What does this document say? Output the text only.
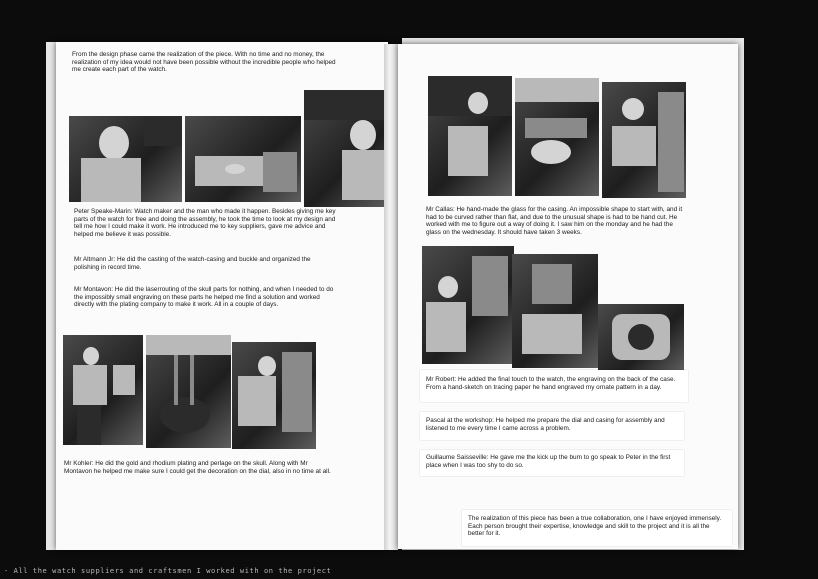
From the design phase came the realization of the piece. With no time and no money, the realization of my idea would not have been possible without the incredible people who helped me create each part of the watch.

Peter Speake-Marin: Watch maker and the man who made it happen. Besides giving me key parts of the watch for free and doing the assembly, he took the time to look at my design and tell me how I could make it work. He introduced me to key suppliers, gave me advice and helped me believe it was possible.

Mr Altmann Jr: He did the casting of the watch-casing and buckle and organized the polishing in record time.

Mr Montavon: He did the laserrouting of the skull parts for nothing, and when I needed to do the impossibly small engraving on these parts he helped me find a solution and worked directly with the plating company to make it work. All in a couple of days.

Mr Kohler: He did the gold and rhodium plating and perlage on the skull. Along with Mr Montavon he helped me make sure I could get the decoration on the dial, also in no time at all.

Mr Callas: He hand-made the glass for the casing. An impossible shape to start with, and it had to be curved rather than flat, and due to the unusual shape is had to be hand cut. He worked with me to figure out a way of doing it. I saw him on the monday and he had the glass on the wednesday. It should have taken 3 weeks.

Mr Robert: He added the final touch to the watch, the engraving on the back of the case. From a hand-sketch on tracing paper he hand engraved my ornate pattern in a day.

Pascal at the workshop: He helped me prepare the dial and casing for assembly and listened to me every time I came across a problem.

Guillaume Saisseville: He gave me the kick up the bum to go speak to Peter in the first place when I was too shy to do so.

The realization of this piece has been a true collaboration, one I have enjoyed immensely. Each person brought their expertise, knowledge and skill to the project and it is all the better for it.

- All the watch suppliers and craftsmen I worked with on the project
